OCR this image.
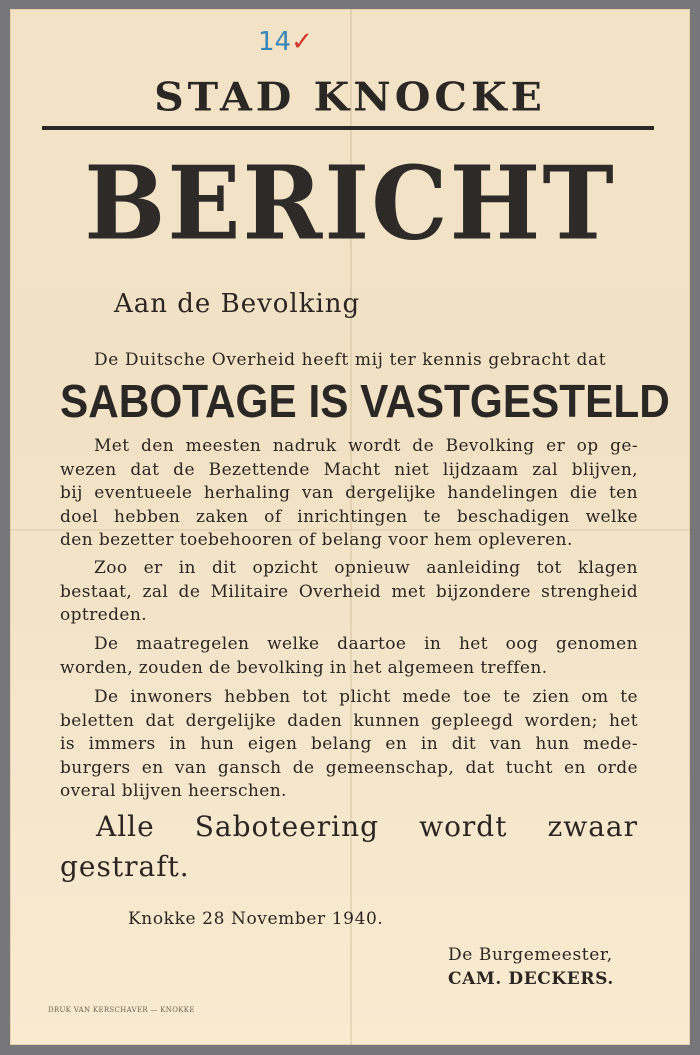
14✓
STAD KNOCKE
BERICHT
Aan de Bevolking
De Duitsche Overheid heeft mij ter kennis gebracht dat
SABOTAGE IS VASTGESTELD
Met den meesten nadruk wordt de Bevolking er op ge-
wezen dat de Bezettende Macht niet lijdzaam zal blijven,
bij eventueele herhaling van dergelijke handelingen die ten
doel hebben zaken of inrichtingen te beschadigen welke
den bezetter toebehooren of belang voor hem opleveren.
Zoo er in dit opzicht opnieuw aanleiding tot klagen
bestaat, zal de Militaire Overheid met bijzondere strengheid
optreden.
De maatregelen welke daartoe in het oog genomen
worden, zouden de bevolking in het algemeen treffen.
De inwoners hebben tot plicht mede toe te zien om te
beletten dat dergelijke daden kunnen gepleegd worden; het
is immers in hun eigen belang en in dit van hun mede-
burgers en van gansch de gemeenschap, dat tucht en orde
overal blijven heerschen.
Alle Saboteering wordt zwaar
gestraft.
Knokke 28 November 1940.
De Burgemeester,
CAM. DECKERS.
DRUK VAN KERSCHAVER — KNOKKE
